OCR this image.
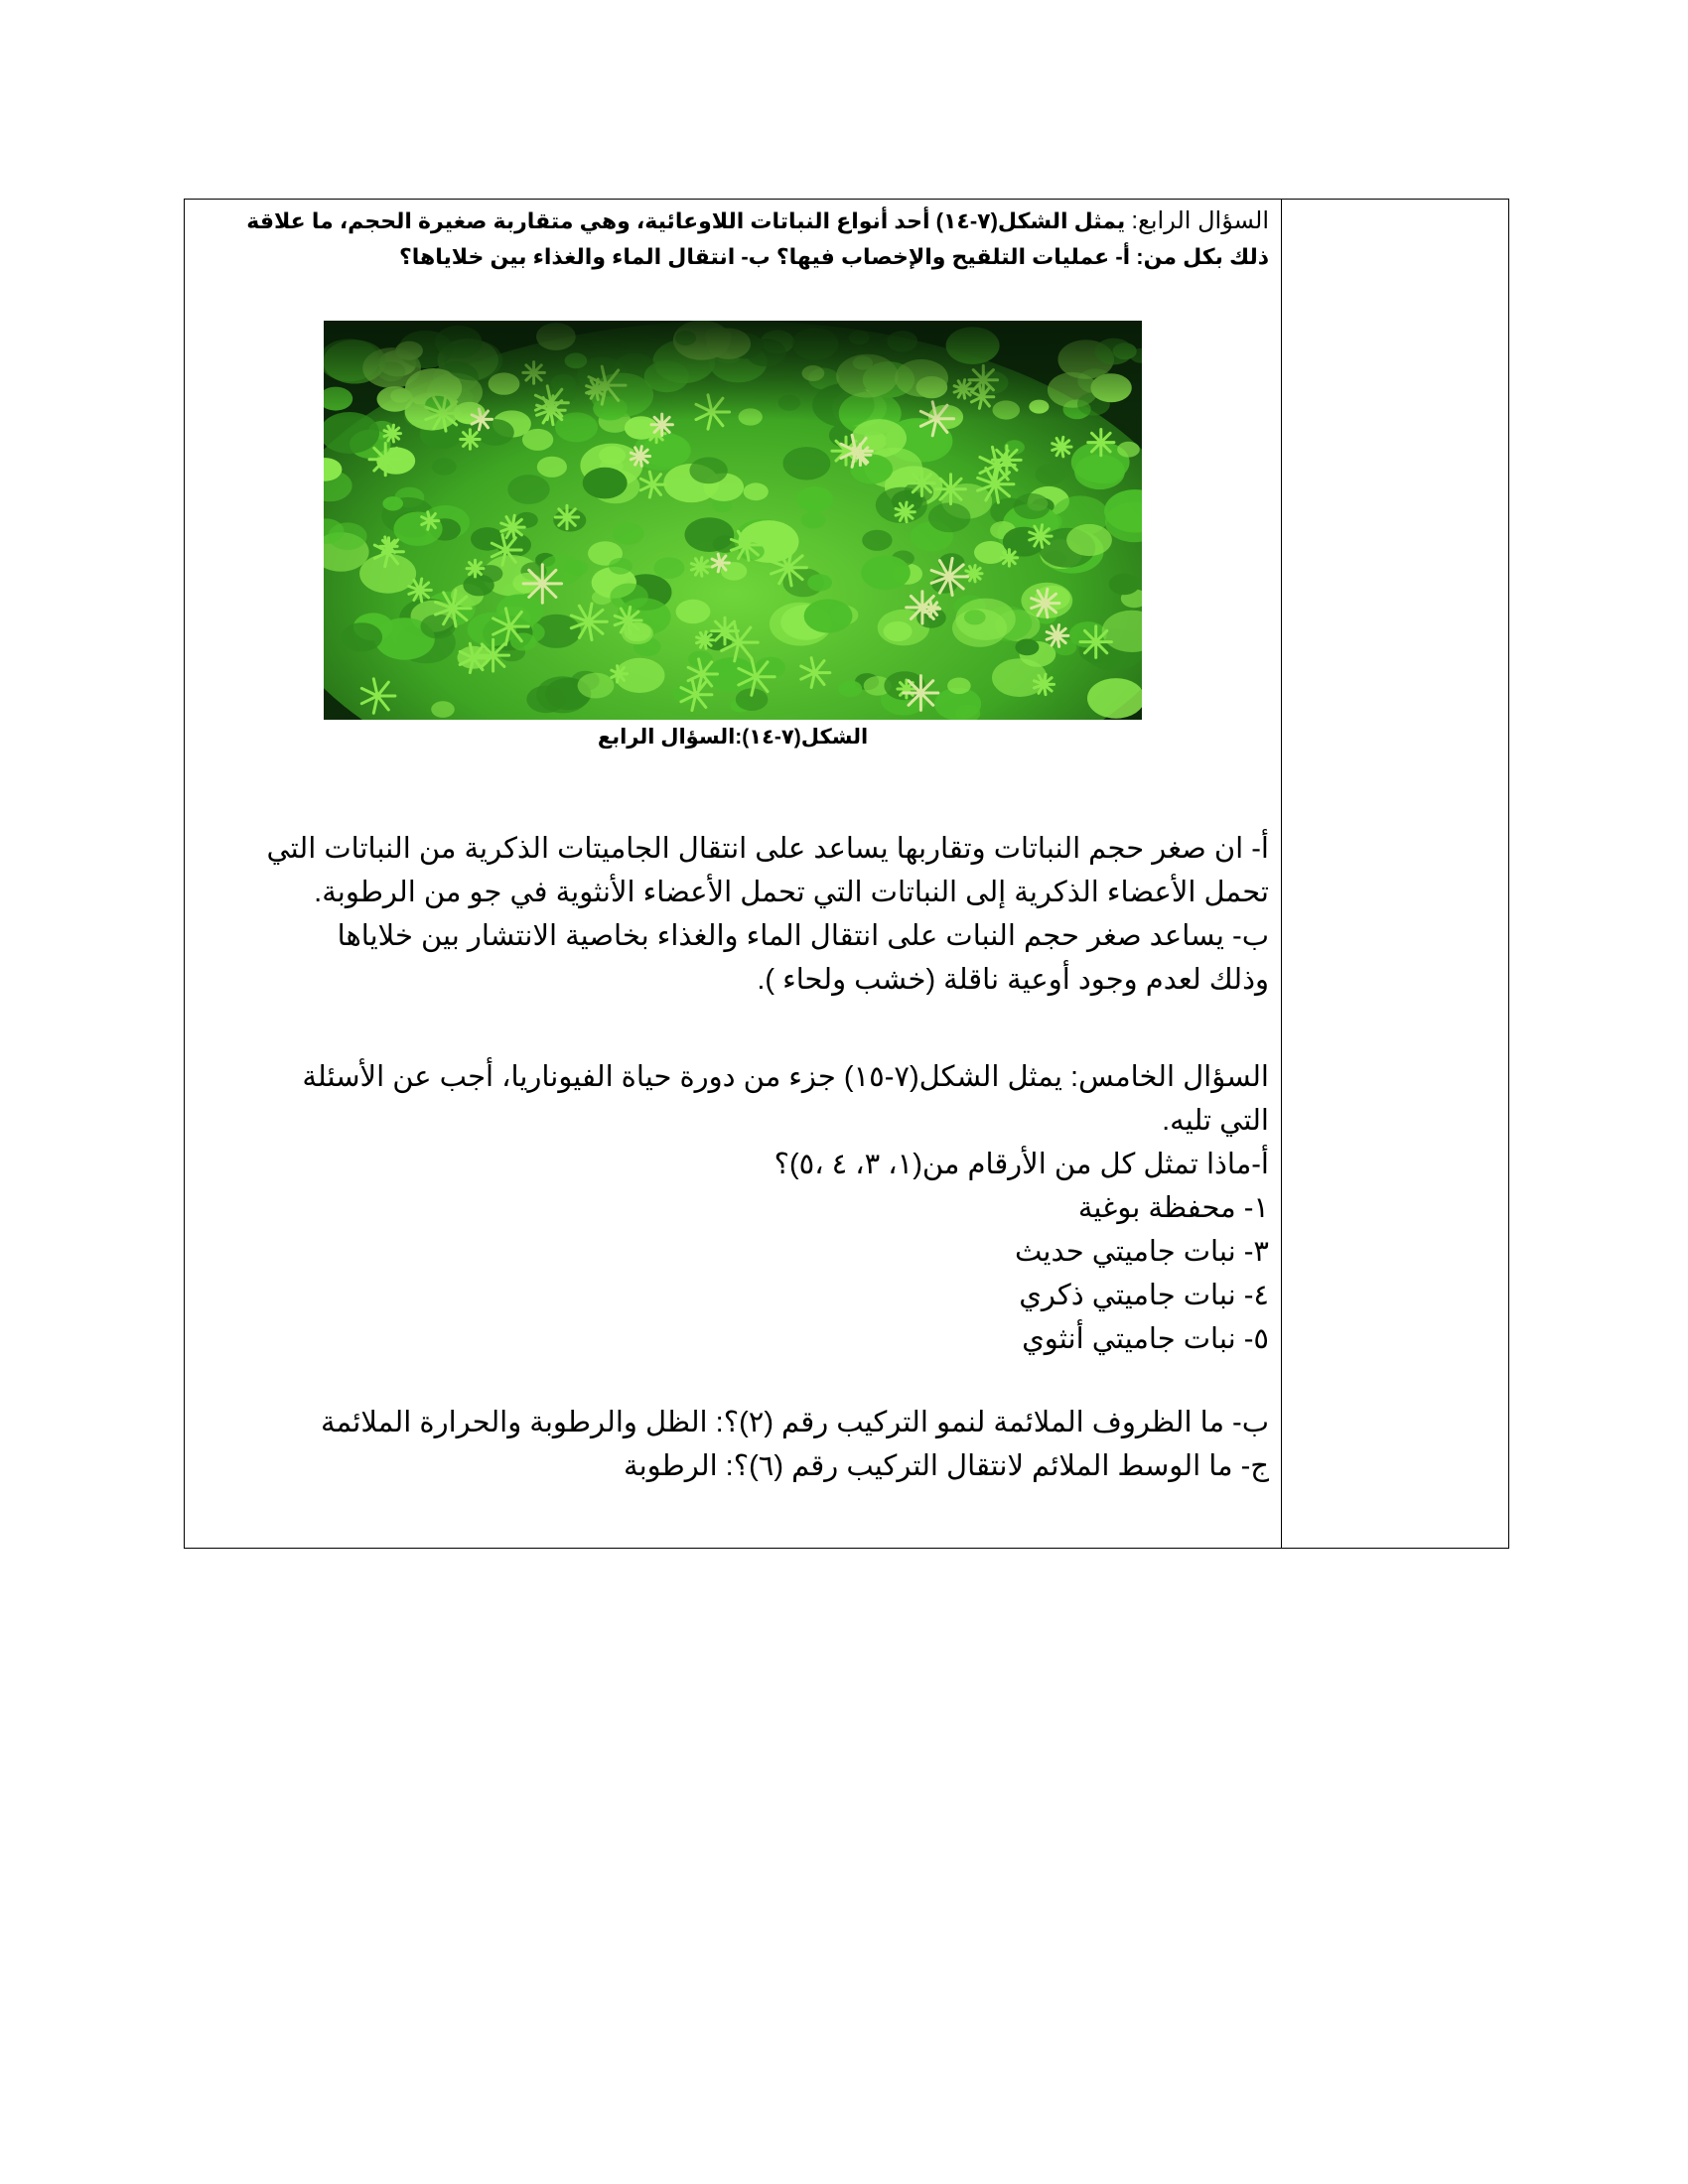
السؤال الرابع: يمثل الشكل(٧-١٤) أحد أنواع النباتات اللاوعائية، وهي متقاربة صغيرة الحجم، ما علاقة

ذلك بكل من: أ- عمليات التلقيح والإخصاب فيها؟ ب- انتقال الماء والغذاء بين خلاياها؟

الشكل(٧-١٤):السؤال الرابع

أ- ان صغر حجم النباتات وتقاربها يساعد على انتقال الجاميتات الذكرية من النباتات التي

تحمل الأعضاء الذكرية إلى النباتات التي تحمل الأعضاء الأنثوية في جو من الرطوبة.

ب- يساعد صغر حجم النبات على انتقال الماء والغذاء بخاصية الانتشار بين خلاياها

وذلك لعدم وجود أوعية ناقلة (خشب ولحاء ).

السؤال الخامس: يمثل الشكل(٧-١٥) جزء من دورة حياة الفيوناريا، أجب عن الأسئلة

التي تليه.

أ-ماذا تمثل كل من الأرقام من(١، ٣، ٤ ،٥)؟

١- محفظة بوغية

٣- نبات جاميتي حديث

٤- نبات جاميتي ذكري

٥- نبات جاميتي أنثوي

ب- ما الظروف الملائمة لنمو التركيب رقم (٢)؟: الظل والرطوبة والحرارة الملائمة

ج- ما الوسط الملائم لانتقال التركيب رقم (٦)؟: الرطوبة
